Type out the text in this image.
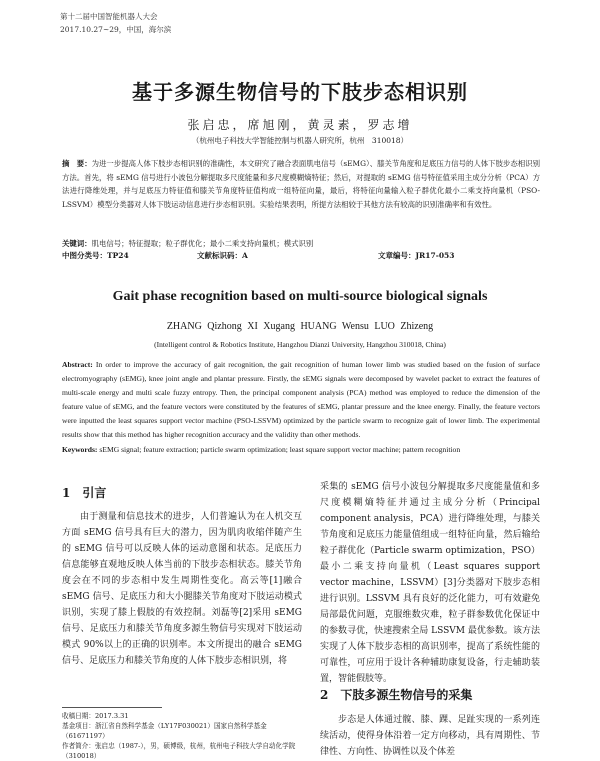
第十二届中国智能机器人大会
2017.10.27~29，中国，海尔滨
基于多源生物信号的下肢步态相识别
张启忠，席旭刚，黄灵素，罗志增
（杭州电子科技大学智能控制与机器人研究所，杭州　310018）
摘　要：为进一步提高人体下肢步态相识别的准确性，本文研究了融合表面肌电信号（sEMG）、膝关节角度和足底压力信号的人体下肢步态相识别方法。首先，将 sEMG 信号进行小波包分解提取多尺度能量和多尺度模糊熵特征；然后，对提取的 sEMG 信号特征值采用主成分分析（PCA）方法进行降维处理，并与足底压力特征值和膝关节角度特征值构成一组特征向量，最后，将特征向量输入粒子群优化最小二乘支持向量机（PSO-LSSVM）模型分类器对人体下肢运动信息进行步态相识别。实验结果表明，所提方法相较于其他方法有较高的识别准确率和有效性。
关键词：肌电信号；特征提取；粒子群优化；最小二乘支持向量机；模式识别
中图分类号：TP24	文献标识码：A	文章编号：JR17-053
Gait phase recognition based on multi-source biological signals
ZHANG Qizhong XI Xugang HUANG Wensu LUO Zhizeng
(Intelligent control & Robotics Institute, Hangzhou Dianzi University, Hangzhou 310018, China)
Abstract: In order to improve the accuracy of gait recognition, the gait recognition of human lower limb was studied based on the fusion of surface electromyography (sEMG), knee joint angle and plantar pressure. Firstly, the sEMG signals were decomposed by wavelet packet to extract the features of multi-scale energy and multi scale fuzzy entropy. Then, the principal component analysis (PCA) method was employed to reduce the dimension of the feature value of sEMG, and the feature vectors were constituted by the features of sEMG, plantar pressure and the knee energy. Finally, the feature vectors were inputted the least squares support vector machine (PSO-LSSVM) optimized by the particle swarm to recognize gait of lower limb. The experimental results show that this method has higher recognition accuracy and the validity than other methods.
Keywords: sEMG signal; feature extraction; particle swarm optimization; least square support vector machine; pattern recognition
1　引言
由于测量和信息技术的进步，人们普遍认为在人机交互方面 sEMG 信号具有巨大的潜力，因为肌肉收缩伴随产生的 sEMG 信号可以反映人体的运动意图和状态。足底压力信息能够直观地反映人体当前的下肢步态相状态。膝关节角度会在不同的步态相中发生周期性变化。高云等[1]融合 sEMG 信号、足底压力和大小腿膝关节角度对下肢运动模式识别，实现了膝上假肢的有效控制。刘磊等[2]采用 sEMG 信号、足底压力和膝关节角度多源生物信号实现对下肢运动模式 90%以上的正确的识别率。本文所提出的融合 sEMG 信号、足底压力和膝关节角度的人体下肢步态相识别，将
采集的 sEMG 信号小波包分解提取多尺度能量值和多尺度模糊熵特征并通过主成分分析（Principal component analysis，PCA）进行降维处理，与膝关节角度和足底压力能量值组成一组特征向量，然后输给粒子群优化（Particle swarm optimization，PSO）最小二乘支持向量机（Least squares support vector machine，LSSVM）[3]分类器对下肢步态相进行识别。LSSVM 具有良好的泛化能力，可有效避免局部最优问题，克服维数灾难，粒子群参数优化保证中的参数寻优，快速搜索全局 LSSVM 最优参数。该方法实现了人体下肢步态相的高识别率，提高了系统性能的可靠性，可应用于设计各种辅助康复设备，行走辅助装置，智能假肢等。
2　下肢多源生物信号的采集
步态是人体通过髋、膝、踝、足趾实现的一系列连续活动，使得身体沿着一定方向移动，具有周期性、节律性、方向性、协调性以及个体差
收稿日期：2017.3.31
基金项目：浙江省自然科学基金（LY17F030021）国家自然科学基金（61671197）
作者简介：张启忠（1987-），男，硕博级，杭州，杭州电子科技大学自动化学院（310018）
